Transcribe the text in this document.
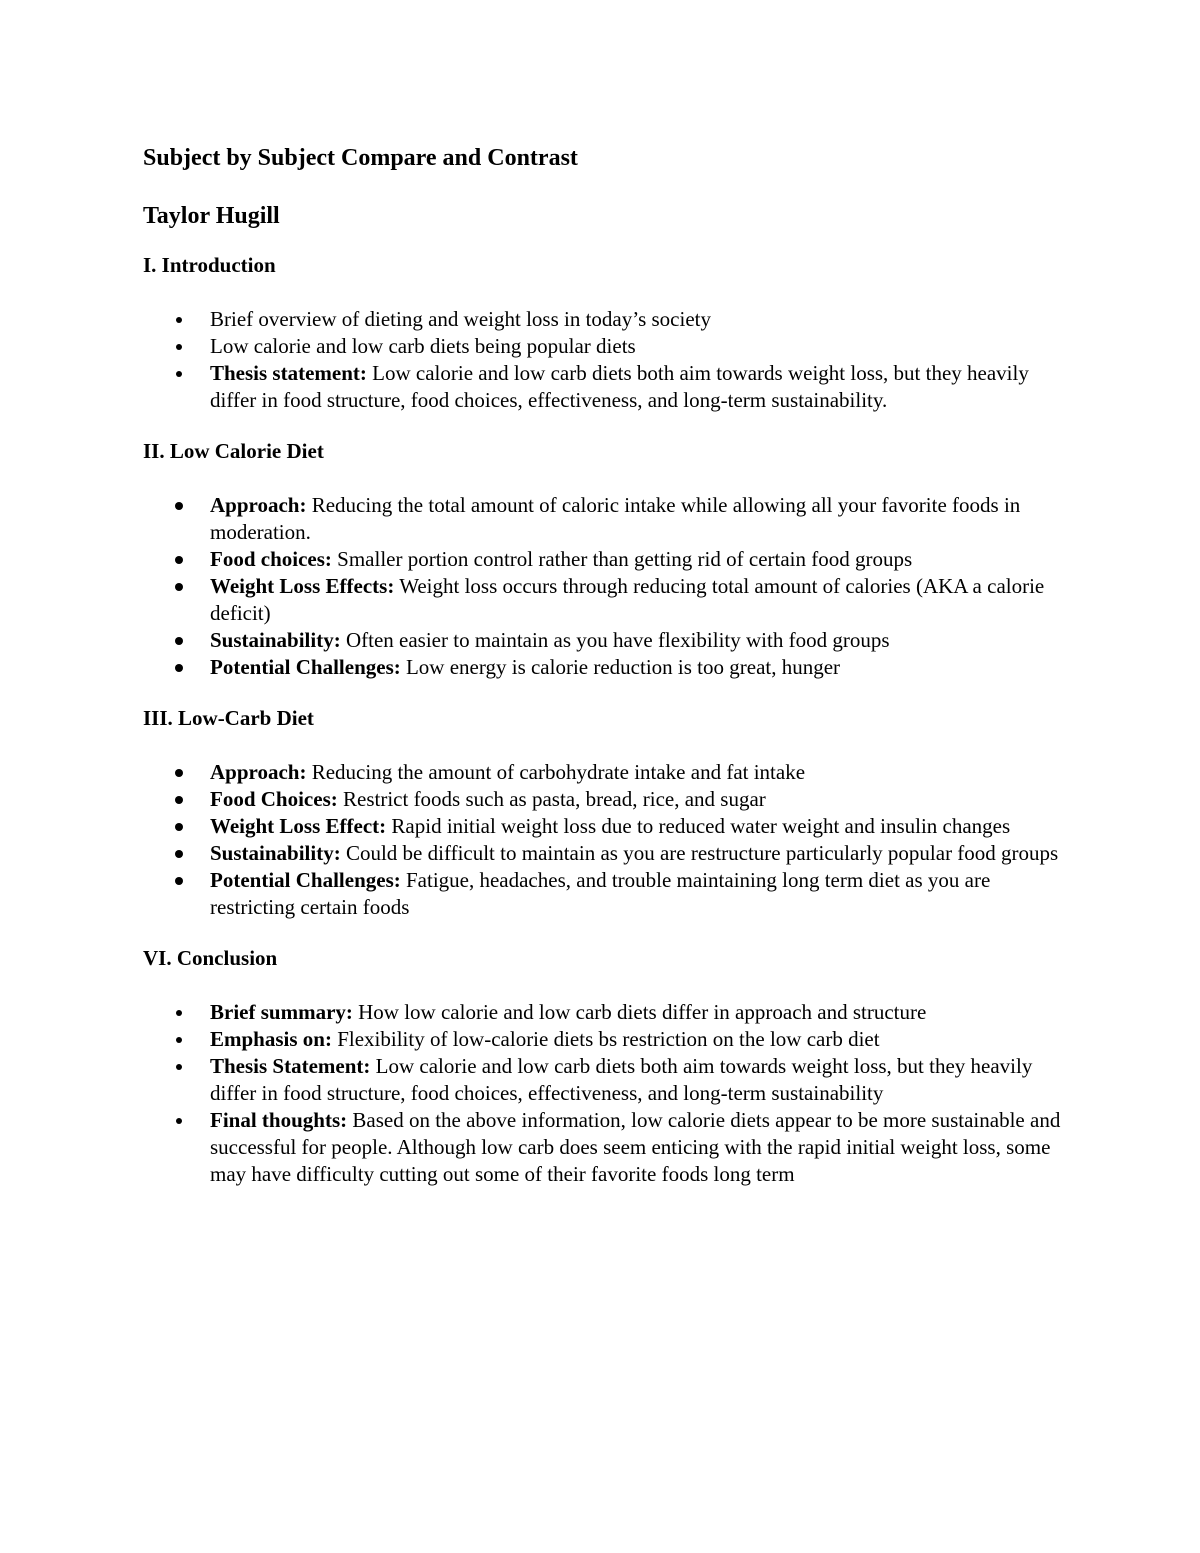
Subject by Subject Compare and Contrast
Taylor Hugill
I. Introduction
Brief overview of dieting and weight loss in today’s society
Low calorie and low carb diets being popular diets
Thesis statement: Low calorie and low carb diets both aim towards weight loss, but they heavily differ in food structure, food choices, effectiveness, and long-term sustainability.
II. Low Calorie Diet
Approach: Reducing the total amount of caloric intake while allowing all your favorite foods in moderation.
Food choices: Smaller portion control rather than getting rid of certain food groups
Weight Loss Effects: Weight loss occurs through reducing total amount of calories (AKA a calorie deficit)
Sustainability: Often easier to maintain as you have flexibility with food groups
Potential Challenges: Low energy is calorie reduction is too great, hunger
III. Low-Carb Diet
Approach: Reducing the amount of carbohydrate intake and fat intake
Food Choices: Restrict foods such as pasta, bread, rice, and sugar
Weight Loss Effect: Rapid initial weight loss due to reduced water weight and insulin changes
Sustainability: Could be difficult to maintain as you are restructure particularly popular food groups
Potential Challenges: Fatigue, headaches, and trouble maintaining long term diet as you are restricting certain foods
VI. Conclusion
Brief summary: How low calorie and low carb diets differ in approach and structure
Emphasis on: Flexibility of low-calorie diets bs restriction on the low carb diet
Thesis Statement: Low calorie and low carb diets both aim towards weight loss, but they heavily differ in food structure, food choices, effectiveness, and long-term sustainability
Final thoughts: Based on the above information, low calorie diets appear to be more sustainable and successful for people. Although low carb does seem enticing with the rapid initial weight loss, some may have difficulty cutting out some of their favorite foods long term
